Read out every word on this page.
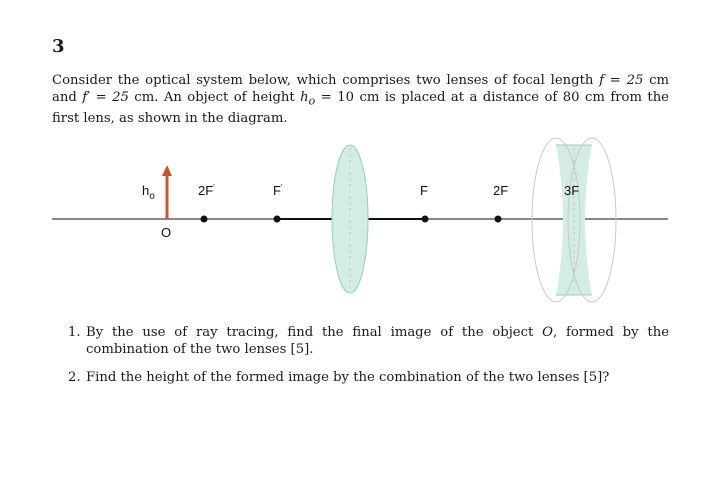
3

Consider the optical system below, which comprises two lenses of focal length f = 25 cm and f′ = 25 cm. An object of height $h_o = 10$ cm is placed at a distance of 80 cm from the first lens, as shown in the diagram.

$h_o$
O
2F'	F'	F	2F	3F
1. By the use of ray tracing, find the final image of the object O, formed by the combination of the two lenses [5].
2. Find the height of the formed image by the combination of the two lenses [5]?
